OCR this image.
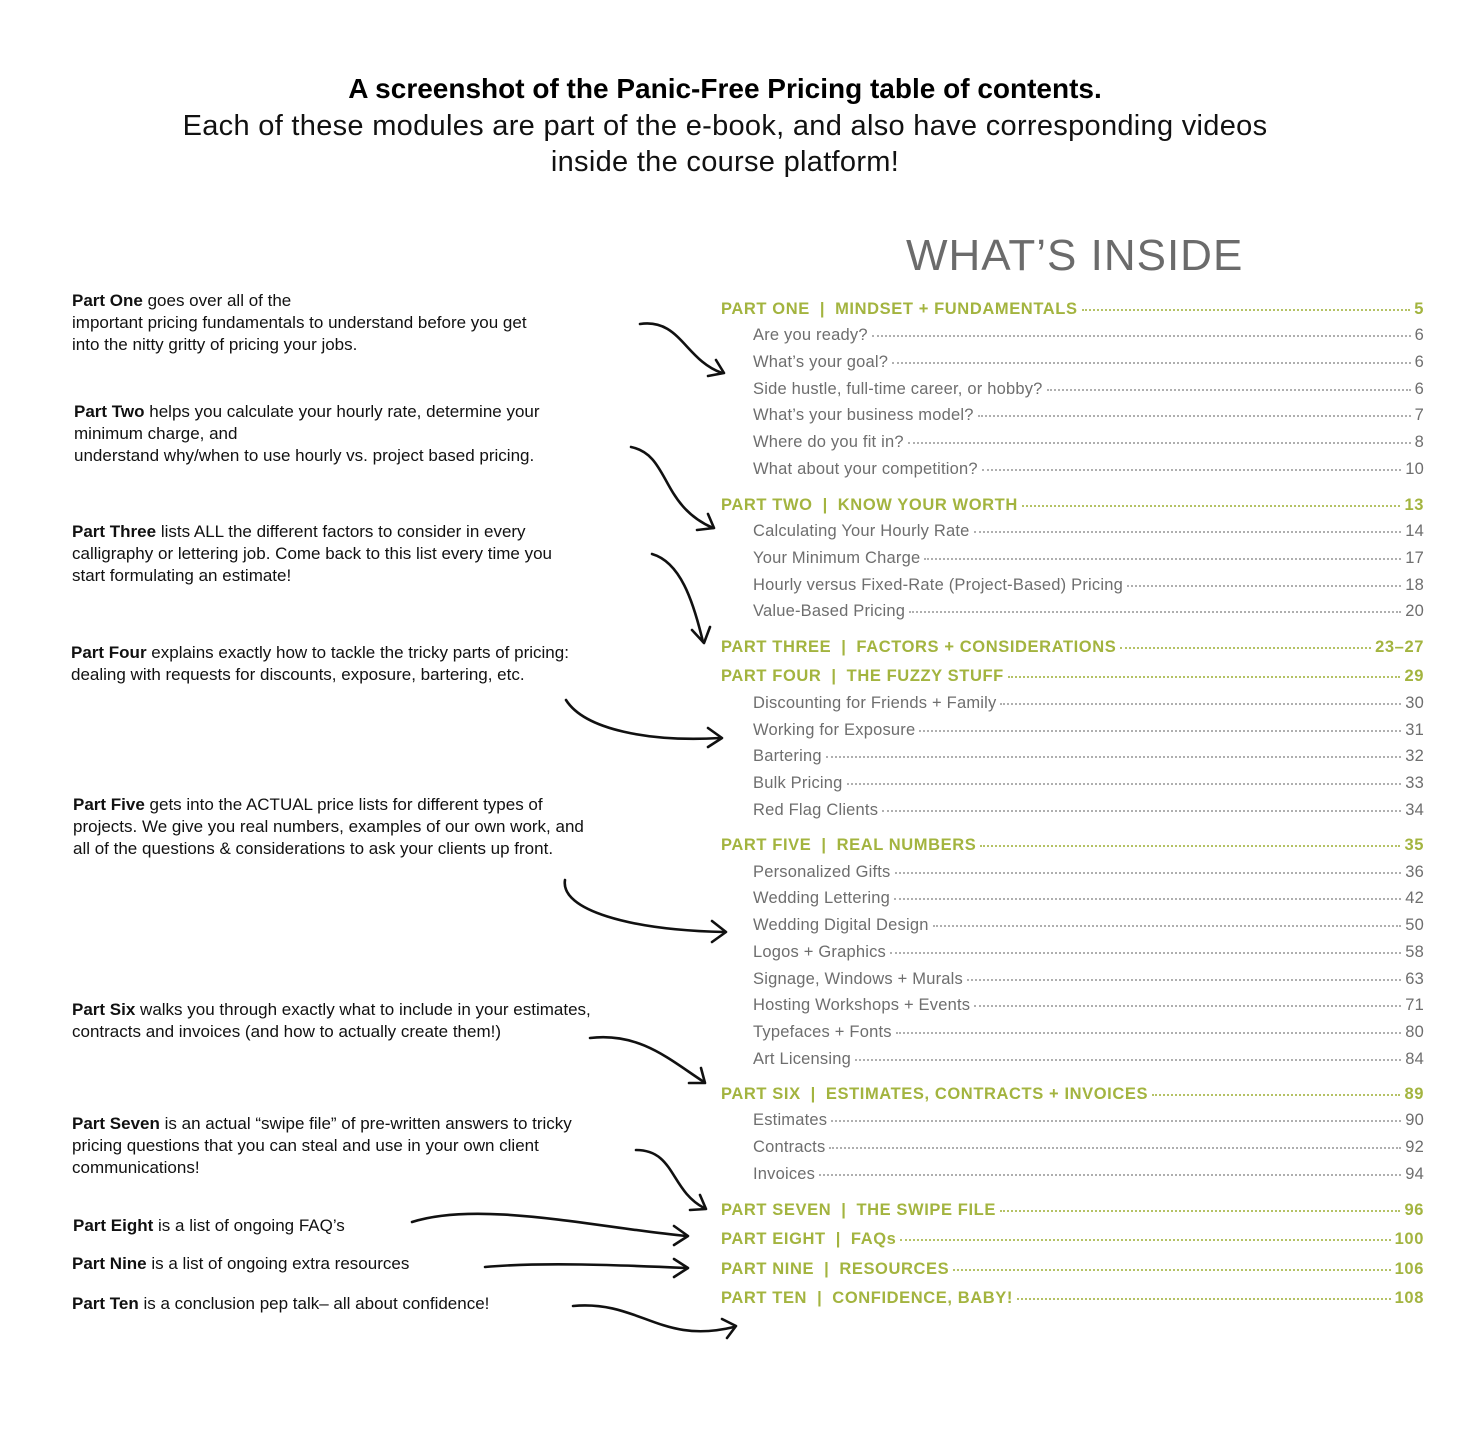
A screenshot of the Panic-Free Pricing table of contents.
Each of these modules are part of the e-book, and also have corresponding videos
inside the course platform!
Part One goes over all of the
important pricing fundamentals to understand before you get
into the nitty gritty of pricing your jobs.
Part Two helps you calculate your hourly rate, determine your
minimum charge, and
understand why/when to use hourly vs. project based pricing.
Part Three lists ALL the different factors to consider in every
calligraphy or lettering job. Come back to this list every time you
start formulating an estimate!
Part Four explains exactly how to tackle the tricky parts of pricing:
dealing with requests for discounts, exposure, bartering, etc.
Part Five gets into the ACTUAL price lists for different types of
projects. We give you real numbers, examples of our own work, and
all of the questions & considerations to ask your clients up front.
Part Six walks you through exactly what to include in your estimates,
contracts and invoices (and how to actually create them!)
Part Seven is an actual “swipe file” of pre-written answers to tricky
pricing questions that you can steal and use in your own client
communications!
Part Eight is a list of ongoing FAQ’s
Part Nine is a list of ongoing extra resources
Part Ten is a conclusion pep talk– all about confidence!
WHAT’S INSIDE
PART ONE | MINDSET + FUNDAMENTALS	5
Are you ready?	6
What’s your goal?	6
Side hustle, full-time career, or hobby?	6
What’s your business model?	7
Where do you fit in?	8
What about your competition?	10
PART TWO | KNOW YOUR WORTH	13
Calculating Your Hourly Rate	14
Your Minimum Charge	17
Hourly versus Fixed-Rate (Project-Based) Pricing	18
Value-Based Pricing	20
PART THREE | FACTORS + CONSIDERATIONS	23–27
PART FOUR | THE FUZZY STUFF	29
Discounting for Friends + Family	30
Working for Exposure	31
Bartering	32
Bulk Pricing	33
Red Flag Clients	34
PART FIVE | REAL NUMBERS	35
Personalized Gifts	36
Wedding Lettering	42
Wedding Digital Design	50
Logos + Graphics	58
Signage, Windows + Murals	63
Hosting Workshops + Events	71
Typefaces + Fonts	80
Art Licensing	84
PART SIX | ESTIMATES, CONTRACTS + INVOICES	89
Estimates	90
Contracts	92
Invoices	94
PART SEVEN | THE SWIPE FILE	96
PART EIGHT | FAQs	100
PART NINE | RESOURCES	106
PART TEN | CONFIDENCE, BABY!	108
